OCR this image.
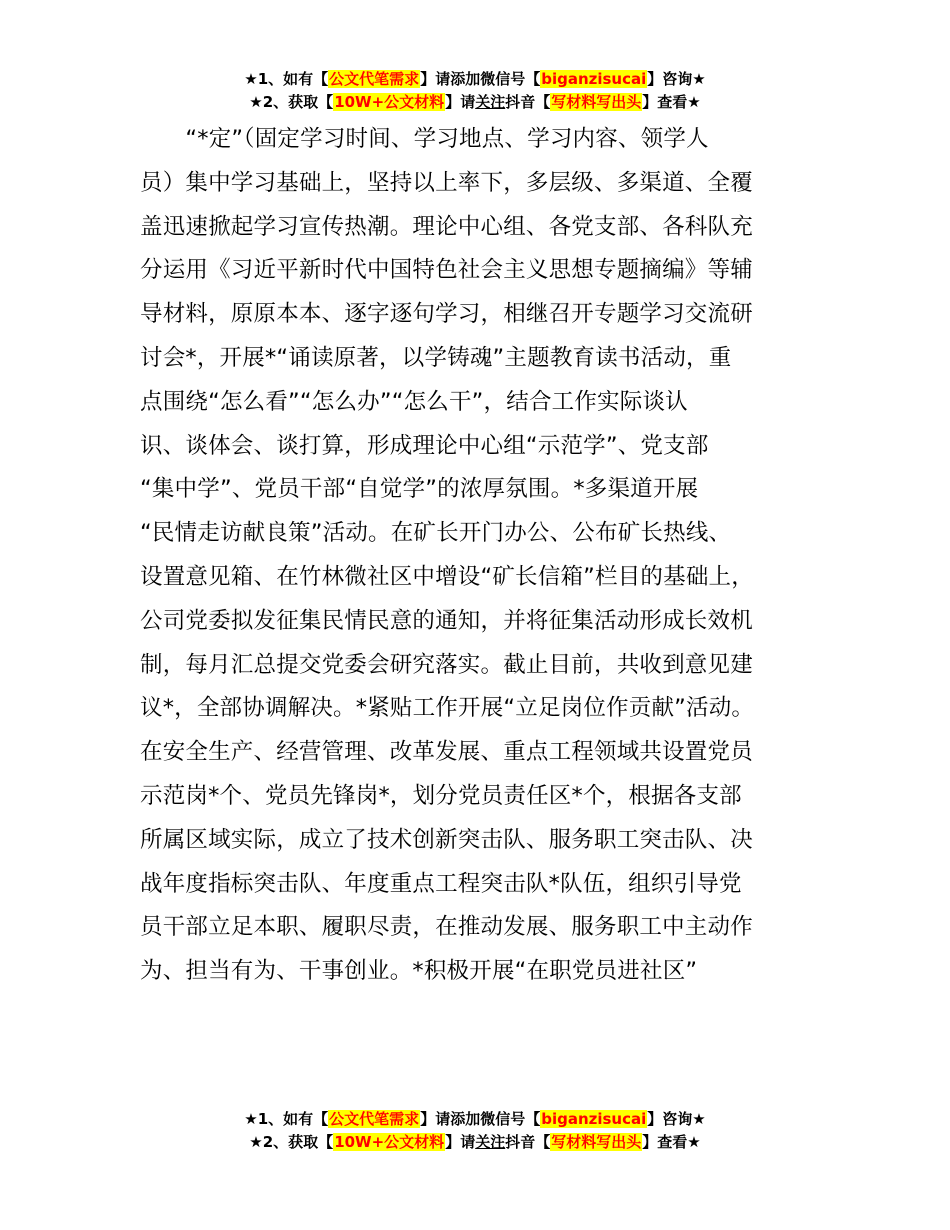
★1、如有【公文代笔需求】请添加微信号【biganzisucai】咨询★
★2、获取【10W+公文材料】请关注抖音【写材料写出头】查看★
　　“*定”（固定学习时间、学习地点、学习内容、领学人
员）集中学习基础上，坚持以上率下，多层级、多渠道、全覆
盖迅速掀起学习宣传热潮。理论中心组、各党支部、各科队充
分运用《习近平新时代中国特色社会主义思想专题摘编》等辅
导材料，原原本本、逐字逐句学习，相继召开专题学习交流研
讨会*，开展*“诵读原著，以学铸魂”主题教育读书活动，重
点围绕“怎么看”“怎么办”“怎么干”，结合工作实际谈认
识、谈体会、谈打算，形成理论中心组“示范学”、党支部
“集中学”、党员干部“自觉学”的浓厚氛围。*多渠道开展
“民情走访献良策”活动。在矿长开门办公、公布矿长热线、
设置意见箱、在竹林微社区中增设“矿长信箱”栏目的基础上，
公司党委拟发征集民情民意的通知，并将征集活动形成长效机
制，每月汇总提交党委会研究落实。截止目前，共收到意见建
议*，全部协调解决。*紧贴工作开展“立足岗位作贡献”活动。
在安全生产、经营管理、改革发展、重点工程领域共设置党员
示范岗*个、党员先锋岗*，划分党员责任区*个，根据各支部
所属区域实际，成立了技术创新突击队、服务职工突击队、决
战年度指标突击队、年度重点工程突击队*队伍，组织引导党
员干部立足本职、履职尽责，在推动发展、服务职工中主动作
为、担当有为、干事创业。*积极开展“在职党员进社区”
★1、如有【公文代笔需求】请添加微信号【biganzisucai】咨询★
★2、获取【10W+公文材料】请关注抖音【写材料写出头】查看★
